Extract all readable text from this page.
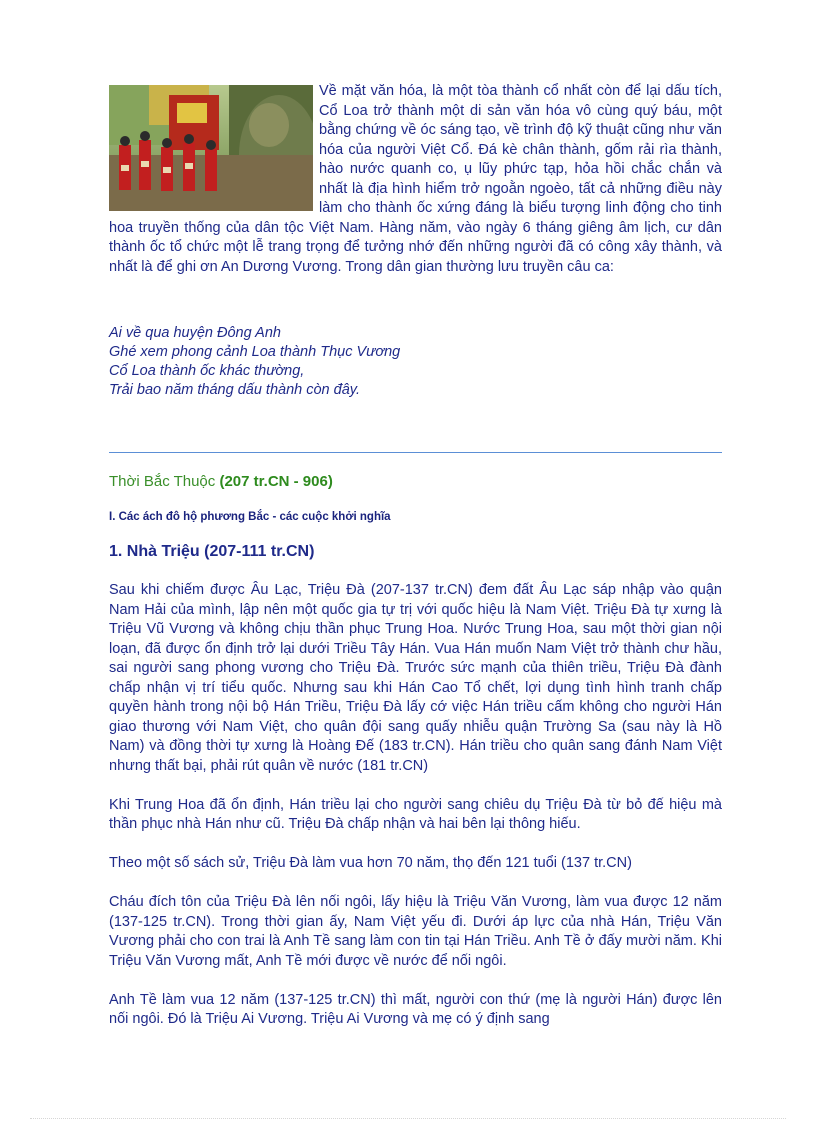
Về mặt văn hóa, là một tòa thành cổ nhất còn để lại dấu tích, Cổ Loa trở thành một di sản văn hóa vô cùng quý báu, một bằng chứng về óc sáng tạo, về trình độ kỹ thuật cũng như văn hóa của người Việt Cổ. Đá kè chân thành, gốm rải rìa thành, hào nước quanh co, ụ lũy phức tạp, hỏa hồi chắc chắn và nhất là địa hình hiểm trở ngoằn ngoèo, tất cả những điều này làm cho thành ốc xứng đáng là biểu tượng linh động cho tinh hoa truyền thống của dân tộc Việt Nam. Hàng năm, vào ngày 6 tháng giêng âm lịch, cư dân thành ốc tổ chức một lễ trang trọng để tưởng nhớ đến những người đã có công xây thành, và nhất là để ghi ơn An Dương Vương. Trong dân gian thường lưu truyền câu ca:
Ai về qua huyện Đông Anh
Ghé xem phong cảnh Loa thành Thục Vương
Cổ Loa thành ốc khác thường,
Trải bao năm tháng dấu thành còn đây.
Thời Bắc Thuộc (207 tr.CN - 906)
I. Các ách đô hộ phương Bắc - các cuộc khởi nghĩa
1. Nhà Triệu (207-111 tr.CN)

Sau khi chiếm được Âu Lạc, Triệu Đà (207-137 tr.CN) đem đất Âu Lạc sáp nhập vào quận Nam Hải của mình, lập nên một quốc gia tự trị với quốc hiệu là Nam Việt. Triệu Đà tự xưng là Triệu Vũ Vương và không chịu thần phục Trung Hoa. Nước Trung Hoa, sau một thời gian nội loạn, đã được ổn định trở lại dưới Triều Tây Hán. Vua Hán muốn Nam Việt trở thành chư hầu, sai người sang phong vương cho Triệu Đà. Trước sức mạnh của thiên triều, Triệu Đà đành chấp nhận vị trí tiểu quốc. Nhưng sau khi Hán Cao Tổ chết, lợi dụng tình hình tranh chấp quyền hành trong nội bộ Hán Triều, Triệu Đà lấy cớ việc Hán triều cấm không cho người Hán giao thương với Nam Việt, cho quân đội sang quấy nhiễu quận Trường Sa (sau này là Hồ Nam) và đồng thời tự xưng là Hoàng Đế (183 tr.CN). Hán triều cho quân sang đánh Nam Việt nhưng thất bại, phải rút quân về nước (181 tr.CN)

Khi Trung Hoa đã ổn định, Hán triều lại cho người sang chiêu dụ Triệu Đà từ bỏ đế hiệu mà thần phục nhà Hán như cũ. Triệu Đà chấp nhận và hai bên lại thông hiếu.

Theo một số sách sử, Triệu Đà làm vua hơn 70 năm, thọ đến 121 tuổi (137 tr.CN)

Cháu đích tôn của Triệu Đà lên nối ngôi, lấy hiệu là Triệu Văn Vương, làm vua được 12 năm (137-125 tr.CN). Trong thời gian ấy, Nam Việt yếu đi. Dưới áp lực của nhà Hán, Triệu Văn Vương phải cho con trai là Anh Tề sang làm con tin tại Hán Triều. Anh Tề ở đấy mười năm. Khi Triệu Văn Vương mất, Anh Tề mới được về nước để nối ngôi.

Anh Tề làm vua 12 năm (137-125 tr.CN) thì mất, người con thứ (mẹ là người Hán) được lên nối ngôi. Đó là Triệu Ai Vương. Triệu Ai Vương và mẹ có ý định sang
